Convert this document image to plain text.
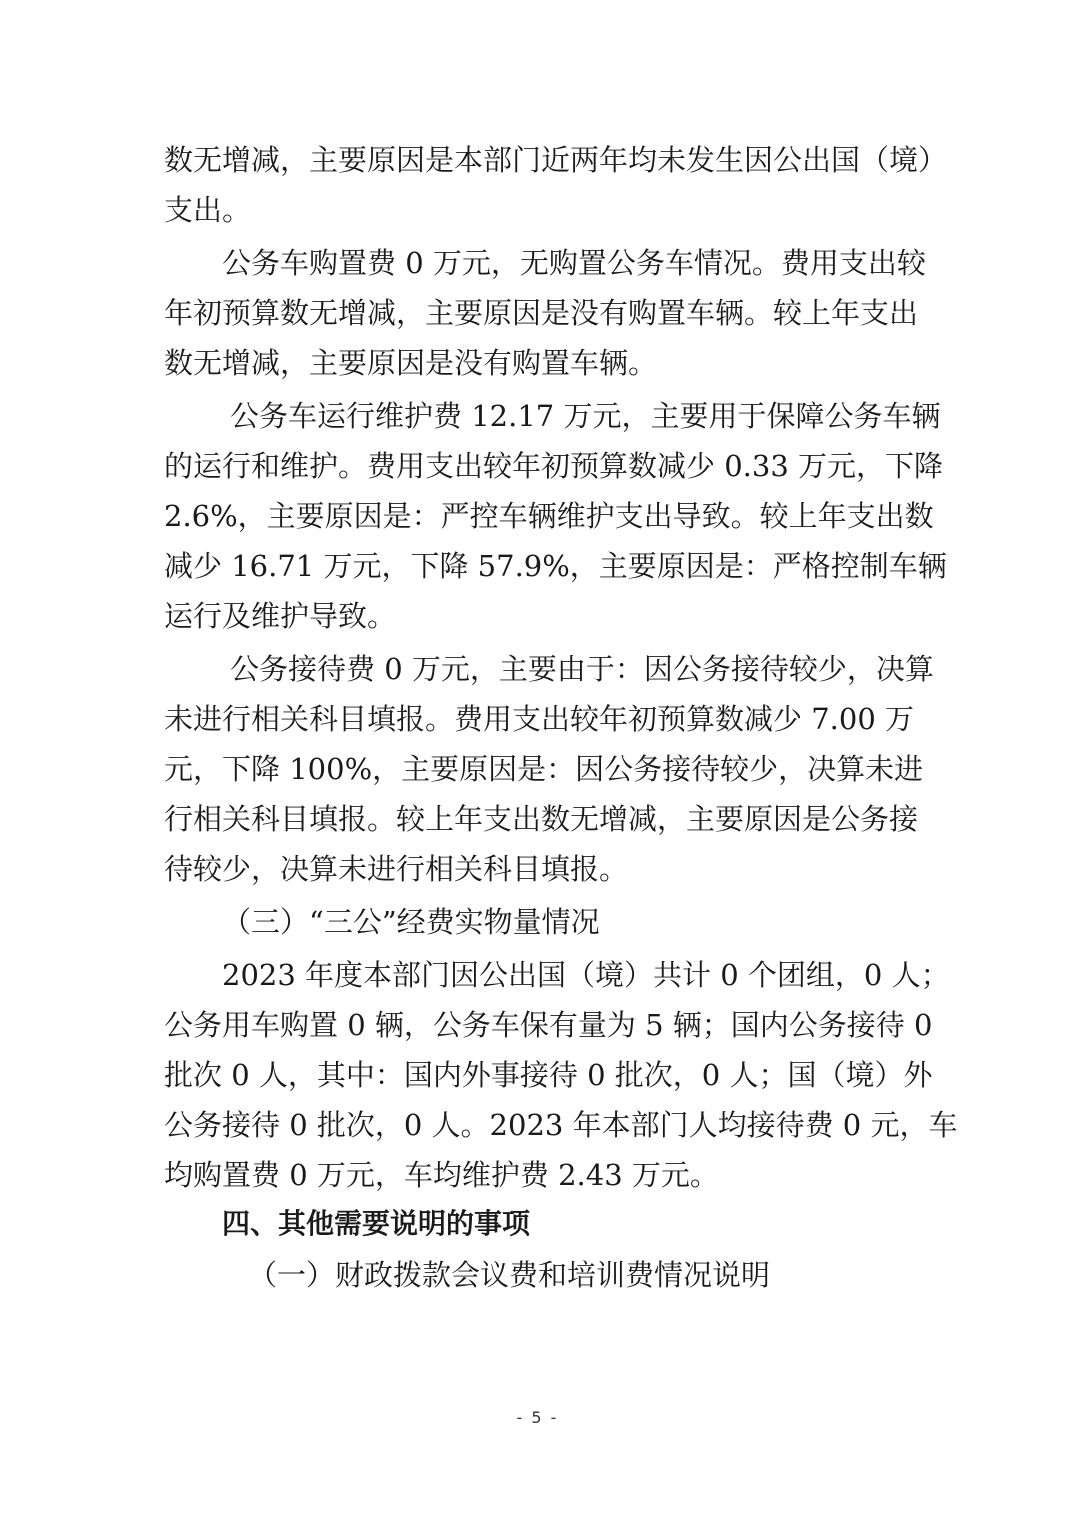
数无增减，主要原因是本部门近两年均未发生因公出国（境）
支出。
公务车购置费 0 万元，无购置公务车情况。费用支出较
年初预算数无增减，主要原因是没有购置车辆。较上年支出
数无增减，主要原因是没有购置车辆。
公务车运行维护费 12.17 万元，主要用于保障公务车辆
的运行和维护。费用支出较年初预算数减少 0.33 万元，下降
2.6%，主要原因是：严控车辆维护支出导致。较上年支出数
减少 16.71 万元，下降 57.9%，主要原因是：严格控制车辆
运行及维护导致。
公务接待费 0 万元，主要由于：因公务接待较少，决算
未进行相关科目填报。费用支出较年初预算数减少 7.00 万
元，下降 100%，主要原因是：因公务接待较少，决算未进
行相关科目填报。较上年支出数无增减，主要原因是公务接
待较少，决算未进行相关科目填报。
（三）“三公”经费实物量情况
2023 年度本部门因公出国（境）共计 0 个团组，0 人；
公务用车购置 0 辆，公务车保有量为 5 辆；国内公务接待 0
批次 0 人，其中：国内外事接待 0 批次，0 人；国（境）外
公务接待 0 批次，0 人。2023 年本部门人均接待费 0 元，车
均购置费 0 万元，车均维护费 2.43 万元。
四、其他需要说明的事项
（一）财政拨款会议费和培训费情况说明
- 5 -
